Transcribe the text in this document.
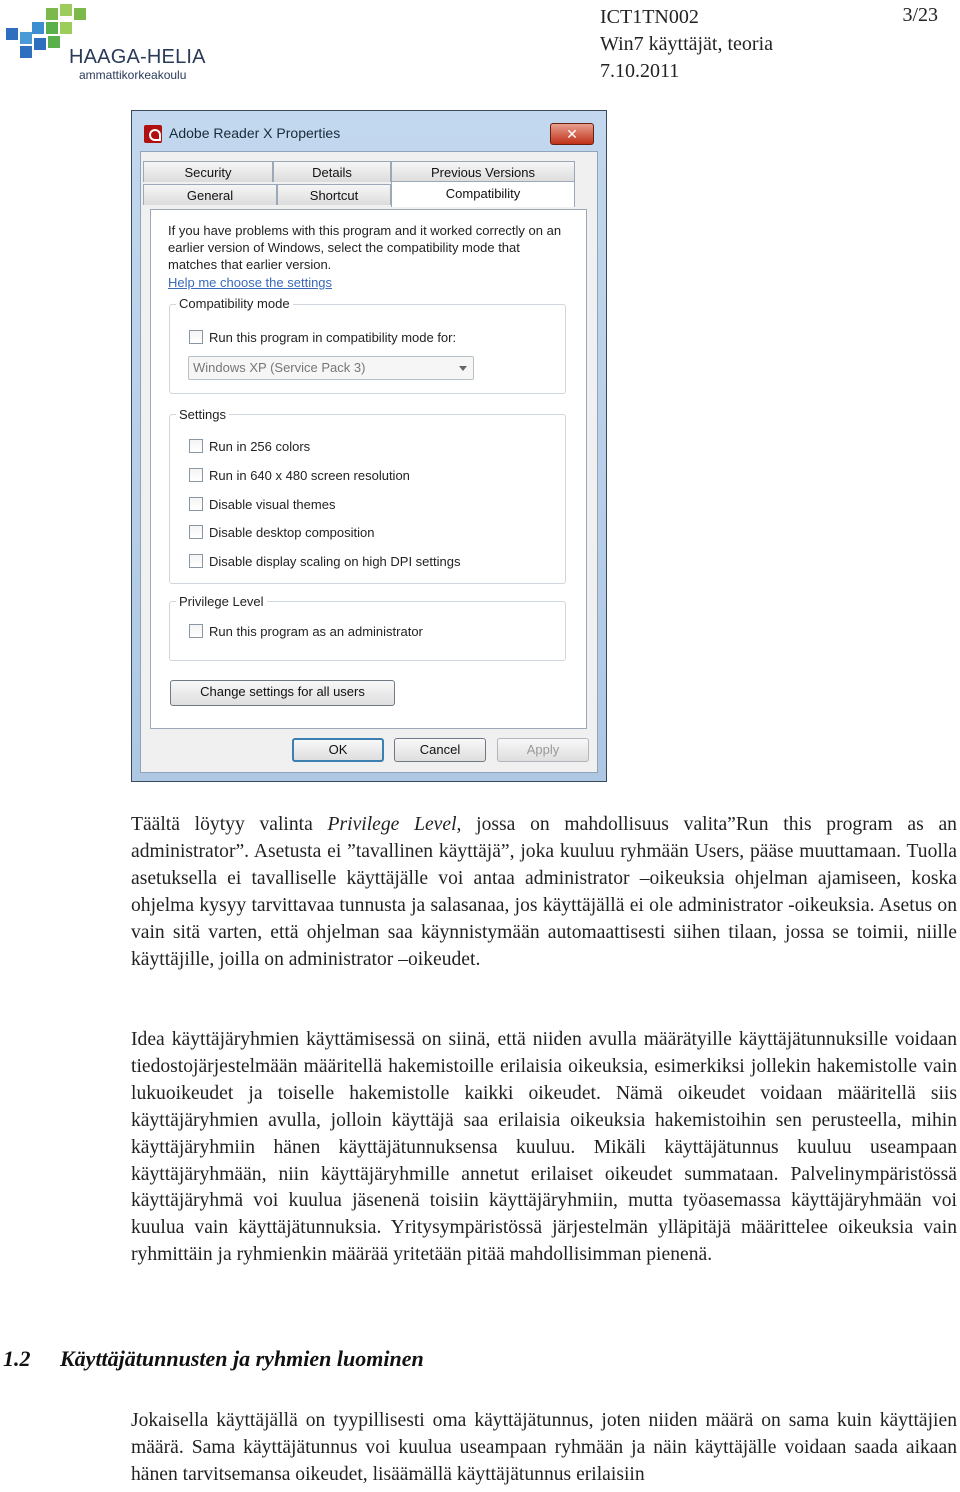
HAAGA-HELIA
ammattikorkeakoulu
ICT1TN002
Win7 käyttäjät, teoria
7.10.2011
3/23
Adobe Reader X Properties	✕
Security	Details	Previous Versions
General	Shortcut	Compatibility
If you have problems with this program and it worked correctly on an earlier version of Windows, select the compatibility mode that matches that earlier version.
Help me choose the settings
Compatibility mode
Run this program in compatibility mode for:
Windows XP (Service Pack 3)
Settings
Run in 256 colors
Run in 640 x 480 screen resolution
Disable visual themes
Disable desktop composition
Disable display scaling on high DPI settings
Privilege Level
Run this program as an administrator
Change settings for all users
OK	Cancel	Apply

Täältä löytyy valinta Privilege Level, jossa on mahdollisuus valita”Run this program as an administrator”. Asetusta ei ”tavallinen käyttäjä”, joka kuuluu ryhmään Users, pääse muuttamaan. Tuolla asetuksella ei tavalliselle käyttäjälle voi antaa administrator –oikeuksia ohjelman ajamiseen, koska ohjelma kysyy tarvittavaa tunnusta ja salasanaa, jos käyttäjällä ei ole administrator -oikeuksia. Asetus on vain sitä varten, että ohjelman saa käynnistymään automaattisesti siihen tilaan, jossa se toimii, niille käyttäjille, joilla on administrator –oikeudet.

Idea käyttäjäryhmien käyttämisessä on siinä, että niiden avulla määrätyille käyttäjätunnuksille voidaan tiedostojärjestelmään määritellä hakemistoille erilaisia oikeuksia, esimerkiksi jollekin hakemistolle vain lukuoikeudet ja toiselle hakemistolle kaikki oikeudet. Nämä oikeudet voidaan määritellä siis käyttäjäryhmien avulla, jolloin käyttäjä saa erilaisia oikeuksia hakemistoihin sen perusteella, mihin käyttäjäryhmiin hänen käyttäjätunnuksensa kuuluu. Mikäli käyttäjätunnus kuuluu useampaan käyttäjäryhmään, niin käyttäjäryhmille annetut erilaiset oikeudet summataan. Palvelinympäristössä käyttäjäryhmä voi kuulua jäsenenä toisiin käyttäjäryhmiin, mutta työasemassa käyttäjäryhmään voi kuulua vain käyttäjätunnuksia. Yritysympäristössä järjestelmän ylläpitäjä määrittelee oikeuksia vain ryhmittäin ja ryhmienkin määrää yritetään pitää mahdollisimman pienenä.

1.2 Käyttäjätunnusten ja ryhmien luominen

Jokaisella käyttäjällä on tyypillisesti oma käyttäjätunnus, joten niiden määrä on sama kuin käyttäjien määrä. Sama käyttäjätunnus voi kuulua useampaan ryhmään ja näin käyttäjälle voidaan saada aikaan hänen tarvitsemansa oikeudet, lisäämällä käyttäjätunnus erilaisiin
